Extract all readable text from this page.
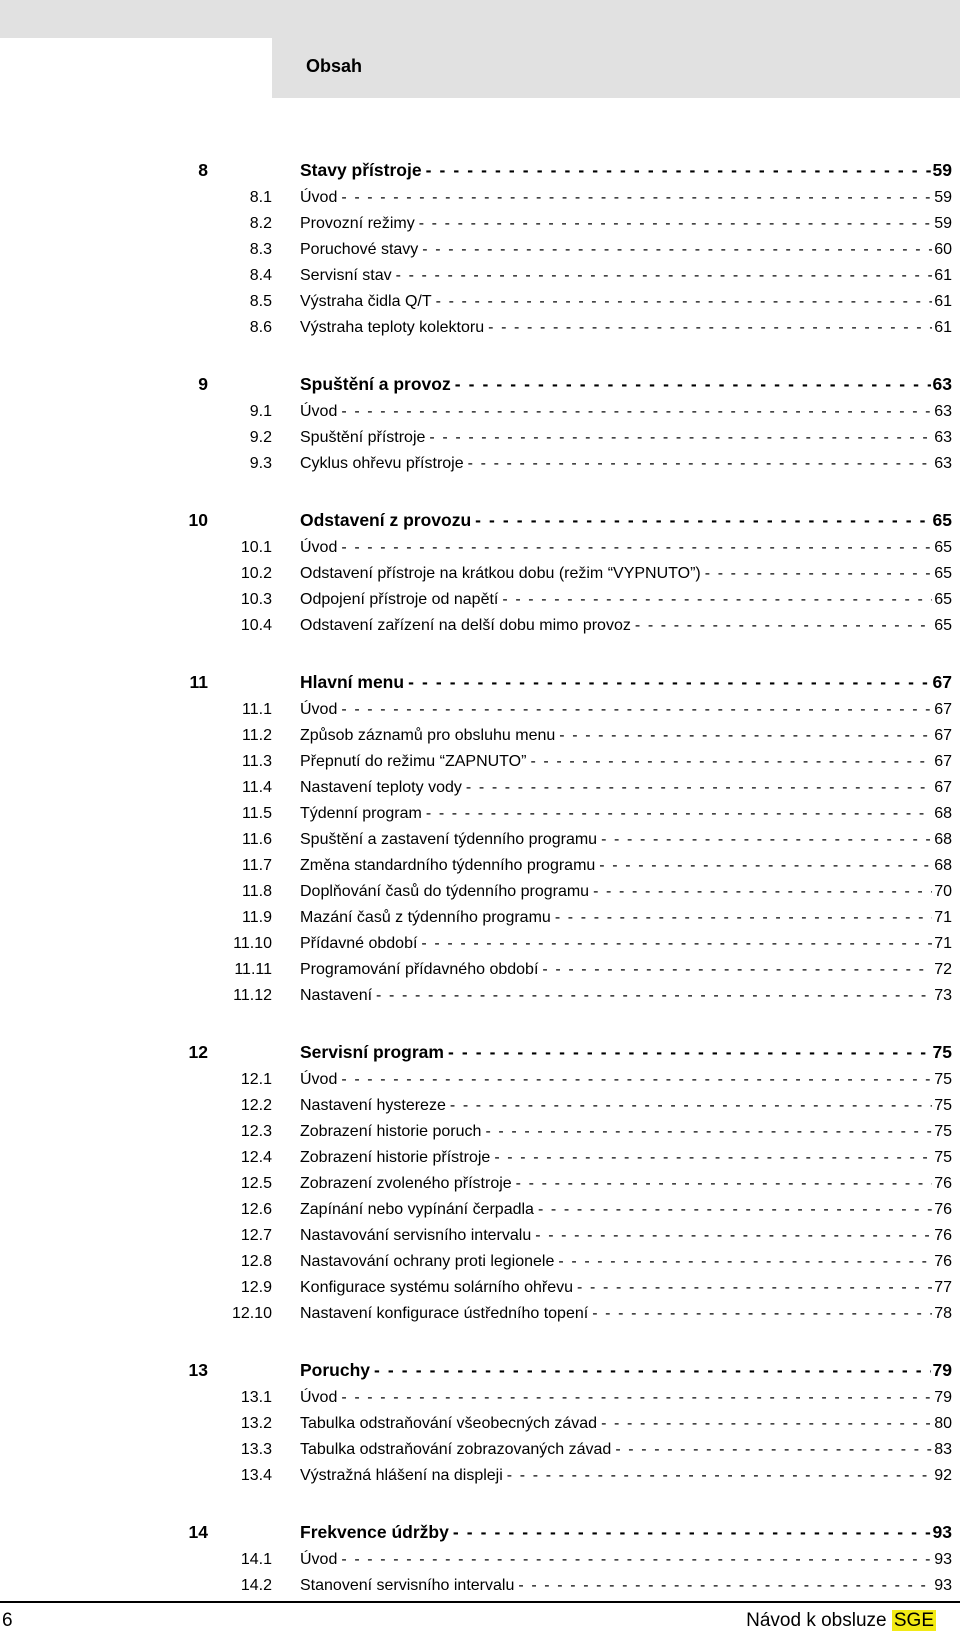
Obsah
8	Stavy přístroje - - -	59
8.1 Úvod - - -	59
8.2 Provozní režimy - - -	59
8.3 Poruchové stavy - - -	60
8.4 Servisní stav - - -	61
8.5 Výstraha čidla Q/T - - -	61
8.6 Výstraha teploty kolektoru - - -	61
9	Spuštění a provoz - - -	63
9.1 Úvod - - -	63
9.2 Spuštění přístroje - - -	63
9.3 Cyklus ohřevu přístroje - - -	63
10	Odstavení z provozu - - -	65
10.1 Úvod - - -	65
10.2 Odstavení přístroje na krátkou dobu (režim “VYPNUTO”) - - -	65
10.3 Odpojení přístroje od napětí - - -	65
10.4 Odstavení zařízení na delší dobu mimo provoz - - -	65
11	Hlavní menu - - -	67
11.1 Úvod - - -	67
11.2 Způsob záznamů pro obsluhu menu - - -	67
11.3 Přepnutí do režimu “ZAPNUTO” - - -	67
11.4 Nastavení teploty vody - - -	67
11.5 Týdenní program - - -	68
11.6 Spuštění a zastavení týdenního programu - - -	68
11.7 Změna standardního týdenního programu - - -	68
11.8 Doplňování časů do týdenního programu - - -	70
11.9 Mazání časů z týdenního programu - - -	71
11.10 Přídavné období - - -	71
11.11 Programování přídavného období - - -	72
11.12 Nastavení - - -	73
12	Servisní program - - -	75
12.1 Úvod - - -	75
12.2 Nastavení hystereze - - -	75
12.3 Zobrazení historie poruch - - -	75
12.4 Zobrazení historie přístroje - - -	75
12.5 Zobrazení zvoleného přístroje - - -	76
12.6 Zapínání nebo vypínání čerpadla - - -	76
12.7 Nastavování servisního intervalu - - -	76
12.8 Nastavování ochrany proti legionele - - -	76
12.9 Konfigurace systému solárního ohřevu - - -	77
12.10 Nastavení konfigurace ústředního topení - - -	78
13	Poruchy - - -	79
13.1 Úvod - - -	79
13.2 Tabulka odstraňování všeobecných závad - - -	80
13.3 Tabulka odstraňování zobrazovaných závad - - -	83
13.4 Výstražná hlášení na displeji - - -	92
14	Frekvence údržby - - -	93
14.1 Úvod - - -	93
14.2 Stanovení servisního intervalu - - -	93
6	Návod k obsluze SGE
